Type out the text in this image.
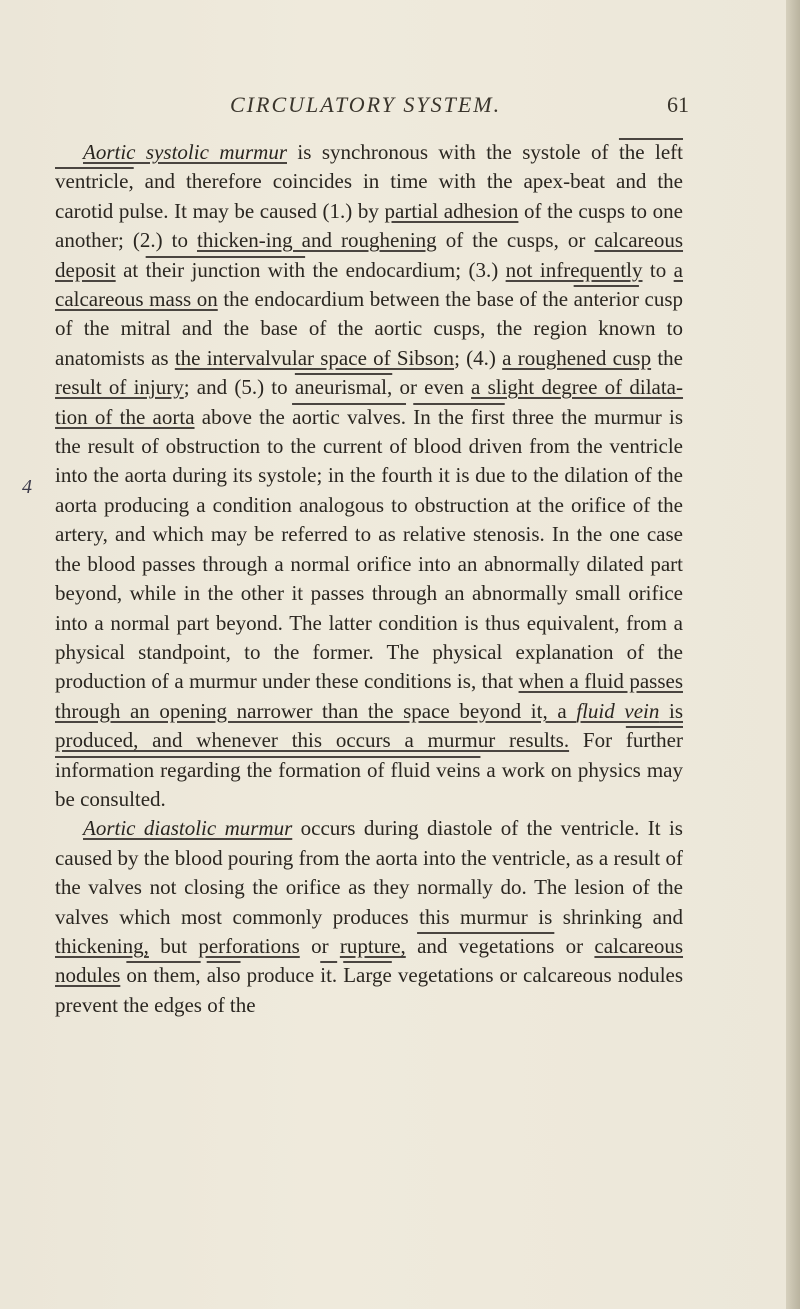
CIRCULATORY SYSTEM.	61
4

Aortic systolic murmur is synchronous with the systole of the left ventricle, and therefore coincides in time with the apex-beat and the carotid pulse. It may be caused (1.) by partial adhesion of the cusps to one another; (2.) to thicken-ing and roughening of the cusps, or calcareous deposit at their junction with the endocardium; (3.) not infrequently to a calcareous mass on the endocardium between the base of the anterior cusp of the mitral and the base of the aortic cusps, the region known to anatomists as the intervalvular space of Sibson; (4.) a roughened cusp the result of injury; and (5.) to aneurismal, or even a slight degree of dilata-tion of the aorta above the aortic valves. In the first three the murmur is the result of obstruction to the current of blood driven from the ventricle into the aorta during its systole; in the fourth it is due to the dilation of the aorta producing a condition analogous to obstruction at the orifice of the artery, and which may be referred to as relative stenosis. In the one case the blood passes through a normal orifice into an abnormally dilated part beyond, while in the other it passes through an abnormally small orifice into a normal part beyond. The latter condition is thus equivalent, from a physical standpoint, to the former. The physical explanation of the production of a murmur under these conditions is, that when a fluid passes through an opening narrower than the space beyond it, a fluid vein is produced, and whenever this occurs a murmur results. For further information regarding the formation of fluid veins a work on physics may be consulted.

Aortic diastolic murmur occurs during diastole of the ventricle. It is caused by the blood pouring from the aorta into the ventricle, as a result of the valves not closing the orifice as they normally do. The lesion of the valves which most commonly produces this murmur is shrinking and thickening, but perforations or rupture, and vegetations or calcareous nodules on them, also produce it. Large vegetations or calcareous nodules prevent the edges of the
